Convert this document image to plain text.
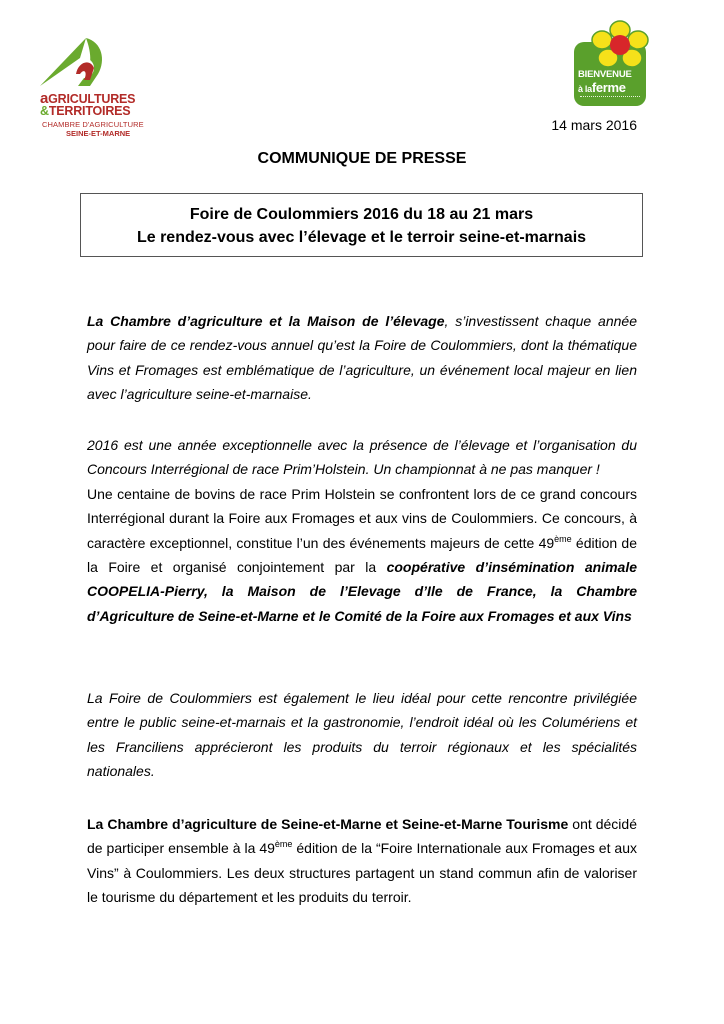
aGRICULTURES
&TERRITOIRES
CHAMBRE D'AGRICULTURE
SEINE-ET-MARNE
BIENVENUE
à laferme
14 mars 2016
COMMUNIQUE DE PRESSE
Foire de Coulommiers 2016 du 18 au 21 mars
Le rendez-vous avec l’élevage et le terroir seine-et-marnais

La Chambre d’agriculture et la Maison de l’élevage, s’investissent chaque année pour faire de ce rendez-vous annuel qu’est la Foire de Coulommiers, dont la thématique Vins et Fromages est emblématique de l’agriculture, un événement local majeur en lien avec l’agriculture seine-et-marnaise.

2016 est une année exceptionnelle avec la présence de l’élevage et l’organisation du Concours Interrégional de race Prim’Holstein. Un championnat à ne pas manquer !

Une centaine de bovins de race Prim Holstein se confrontent lors de ce grand concours Interrégional durant la Foire aux Fromages et aux vins de Coulommiers. Ce concours, à caractère exceptionnel, constitue l’un des événements majeurs de cette 49ème édition de la Foire et organisé conjointement par la coopérative d’insémination animale COOPELIA-Pierry, la Maison de l’Elevage d’Ile de France, la Chambre d’Agriculture de Seine-et-Marne et le Comité de la Foire aux Fromages et aux Vins

La Foire de Coulommiers est également le lieu idéal pour cette rencontre privilégiée entre le public seine-et-marnais et la gastronomie, l’endroit idéal où les Columériens et les Franciliens apprécieront les produits du terroir régionaux et les spécialités nationales.

La Chambre d’agriculture de Seine-et-Marne et Seine-et-Marne Tourisme ont décidé de participer ensemble à la 49ème édition de la “Foire Internationale aux Fromages et aux Vins” à Coulommiers. Les deux structures partagent un stand commun afin de valoriser le tourisme du département et les produits du terroir.
